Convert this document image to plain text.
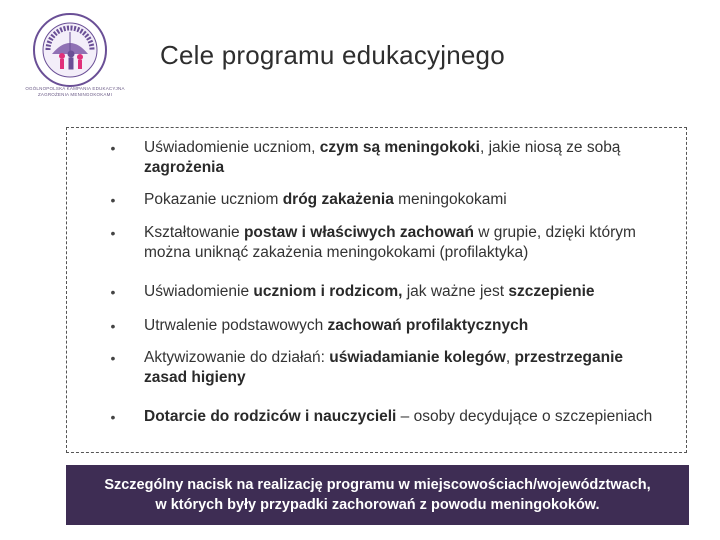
OGÓLNOPOLSKA KAMPANIA EDUKACYJNA
ZAGROŻENIA MENINGOKOKAMI
Cele programu edukacyjnego
• Uświadomienie uczniom, czym są meningokoki, jakie niosą ze sobą zagrożenia
• Pokazanie uczniom dróg zakażenia meningokokami
• Kształtowanie postaw i właściwych zachowań w grupie, dzięki którym można uniknąć zakażenia meningokokami (profilaktyka)
• Uświadomienie uczniom i rodzicom, jak ważne jest szczepienie
• Utrwalenie podstawowych zachowań profilaktycznych
• Aktywizowanie do działań: uświadamianie kolegów, przestrzeganie zasad higieny
• Dotarcie do rodziców i nauczycieli – osoby decydujące o szczepieniach
Szczególny nacisk na realizację programu w miejscowościach/województwach,
w których były przypadki zachorowań z powodu meningokoków.
